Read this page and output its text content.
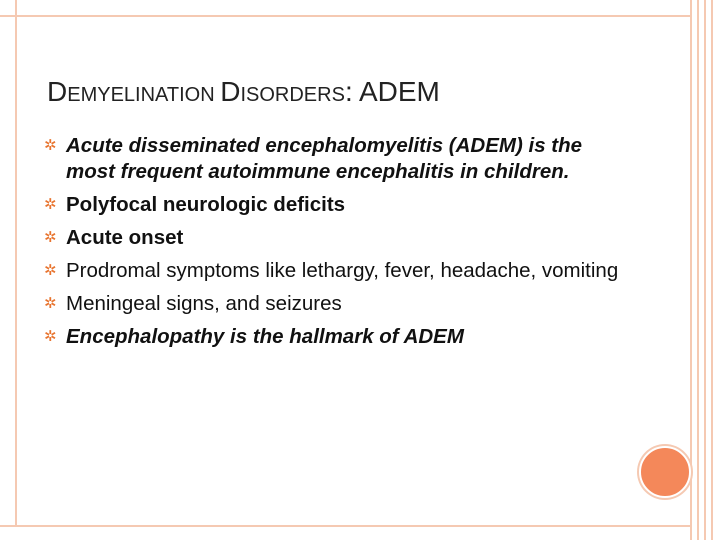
DEMYELINATION DISORDERS: ADEM
✲ Acute disseminated encephalomyelitis (ADEM) is the most frequent autoimmune encephalitis in children.
✲ Polyfocal neurologic deficits
✲ Acute onset
✲ Prodromal symptoms like lethargy, fever, headache, vomiting
✲ Meningeal signs, and seizures
✲ Encephalopathy is the hallmark of ADEM
